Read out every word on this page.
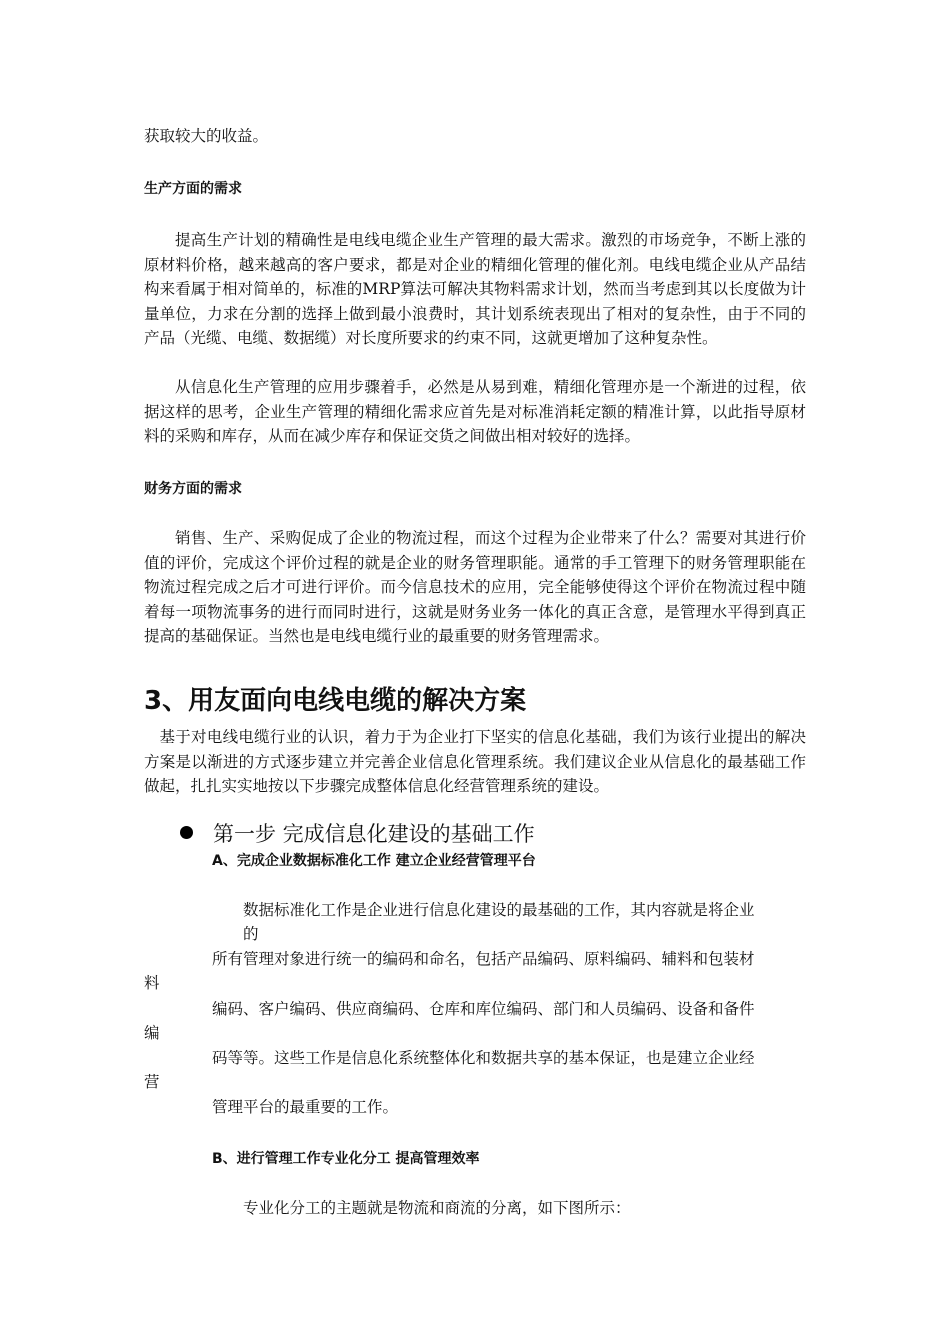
获取较大的收益。
生产方面的需求

提高生产计划的精确性是电线电缆企业生产管理的最大需求。激烈的市场竞争，不断上涨的原材料价格，越来越高的客户要求，都是对企业的精细化管理的催化剂。电线电缆企业从产品结构来看属于相对简单的，标准的MRP算法可解决其物料需求计划，然而当考虑到其以长度做为计量单位，力求在分割的选择上做到最小浪费时，其计划系统表现出了相对的复杂性，由于不同的产品（光缆、电缆、数据缆）对长度所要求的约束不同，这就更增加了这种复杂性。

从信息化生产管理的应用步骤着手，必然是从易到难，精细化管理亦是一个渐进的过程，依据这样的思考，企业生产管理的精细化需求应首先是对标准消耗定额的精准计算，以此指导原材料的采购和库存，从而在减少库存和保证交货之间做出相对较好的选择。

财务方面的需求

销售、生产、采购促成了企业的物流过程，而这个过程为企业带来了什么？需要对其进行价值的评价，完成这个评价过程的就是企业的财务管理职能。通常的手工管理下的财务管理职能在物流过程完成之后才可进行评价。而今信息技术的应用，完全能够使得这个评价在物流过程中随着每一项物流事务的进行而同时进行，这就是财务业务一体化的真正含意，是管理水平得到真正提高的基础保证。当然也是电线电缆行业的最重要的财务管理需求。

3、用友面向电线电缆的解决方案

基于对电线电缆行业的认识，着力于为企业打下坚实的信息化基础，我们为该行业提出的解决方案是以渐进的方式逐步建立并完善企业信息化管理系统。我们建议企业从信息化的最基础工作做起，扎扎实实地按以下步骤完成整体信息化经营管理系统的建设。

第一步 完成信息化建设的基础工作
A、完成企业数据标准化工作 建立企业经营管理平台
数据标准化工作是企业进行信息化建设的最基础的工作，其内容就是将企业
的
所有管理对象进行统一的编码和命名，包括产品编码、原料编码、辅料和包装材
料
编码、客户编码、供应商编码、仓库和库位编码、部门和人员编码、设备和备件
编
码等等。这些工作是信息化系统整体化和数据共享的基本保证，也是建立企业经
营
管理平台的最重要的工作。
B、进行管理工作专业化分工 提高管理效率
专业化分工的主题就是物流和商流的分离，如下图所示：
